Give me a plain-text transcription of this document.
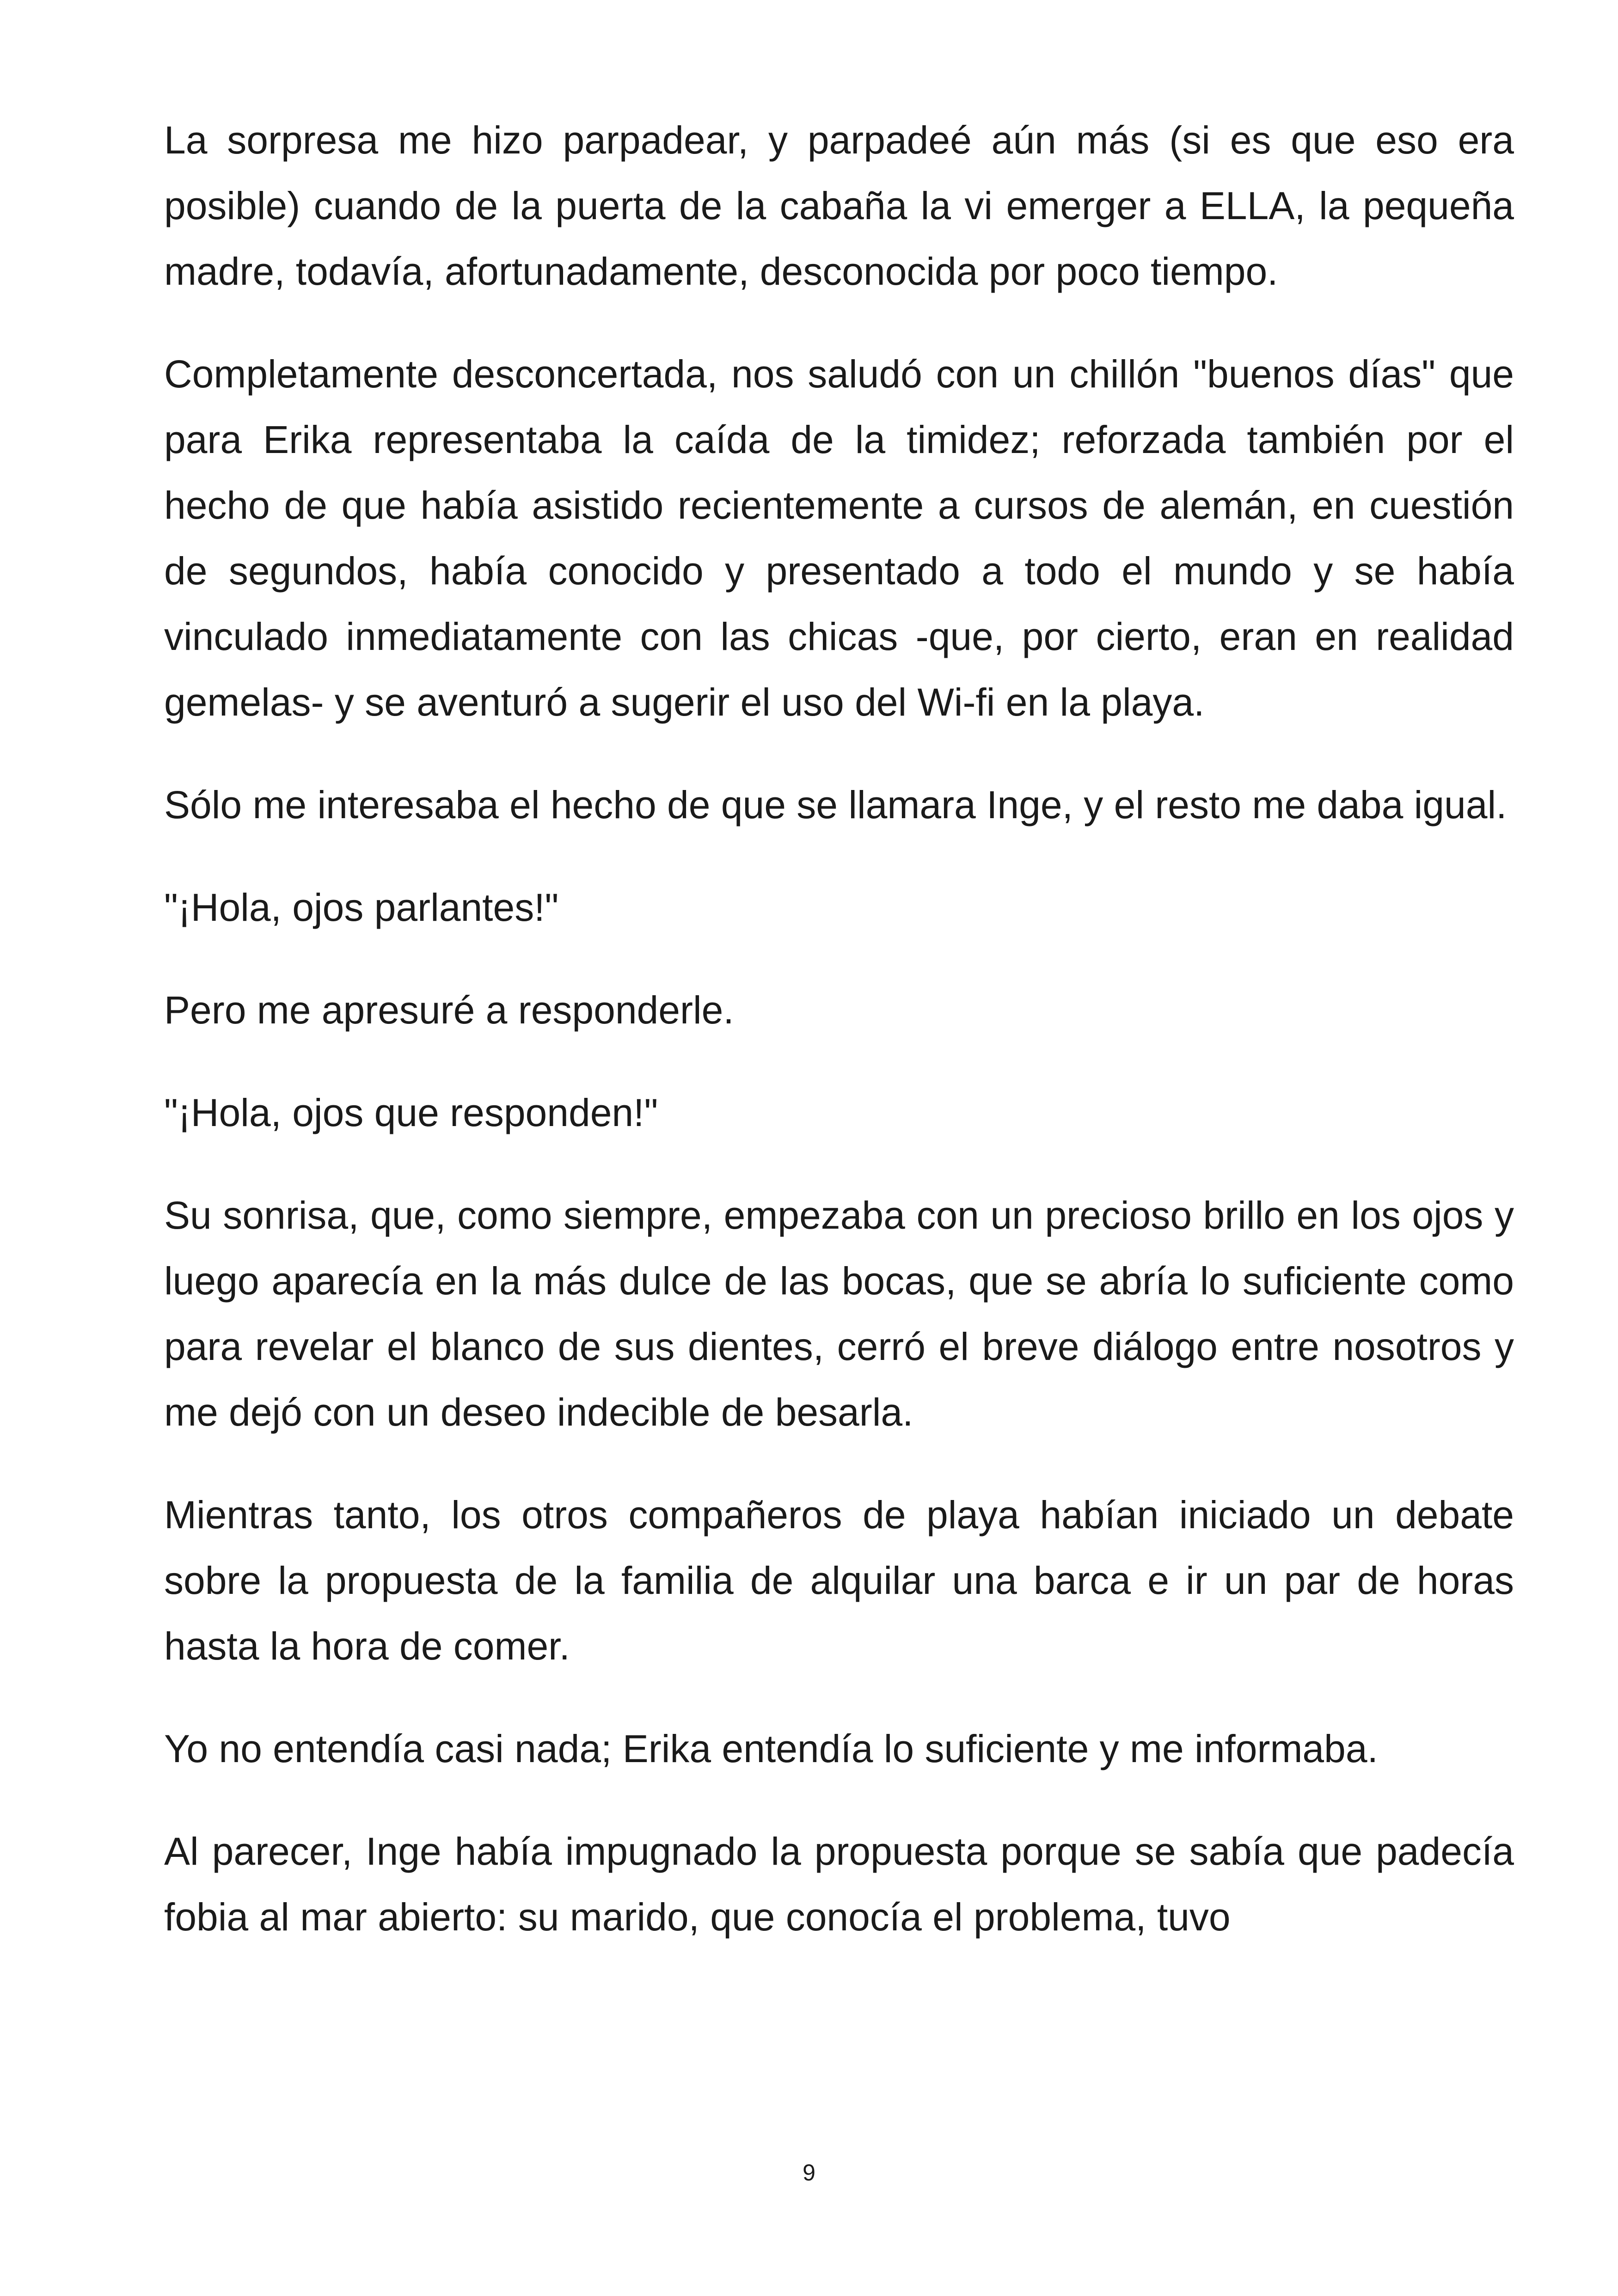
La sorpresa me hizo parpadear, y parpadeé aún más (si es que eso era posible) cuando de la puerta de la cabaña la vi emerger a ELLA, la pequeña madre, todavía, afortunadamente, desconocida por poco tiempo.

Completamente desconcertada, nos saludó con un chillón "buenos días" que para Erika representaba la caída de la timidez; reforzada también por el hecho de que había asistido recientemente a cursos de alemán, en cuestión de segundos, había conocido y presentado a todo el mundo y se había vinculado inmediatamente con las chicas -que, por cierto, eran en realidad gemelas- y se aventuró a sugerir el uso del Wi-fi en la playa.

Sólo me interesaba el hecho de que se llamara Inge, y el resto me daba igual.

"¡Hola, ojos parlantes!"

Pero me apresuré a responderle.

"¡Hola, ojos que responden!"

Su sonrisa, que, como siempre, empezaba con un precioso brillo en los ojos y luego aparecía en la más dulce de las bocas, que se abría lo suficiente como para revelar el blanco de sus dientes, cerró el breve diálogo entre nosotros y me dejó con un deseo indecible de besarla.

Mientras tanto, los otros compañeros de playa habían iniciado un debate sobre la propuesta de la familia de alquilar una barca e ir un par de horas hasta la hora de comer.

Yo no entendía casi nada; Erika entendía lo suficiente y me informaba.

Al parecer, Inge había impugnado la propuesta porque se sabía que padecía fobia al mar abierto: su marido, que conocía el problema, tuvo

9
